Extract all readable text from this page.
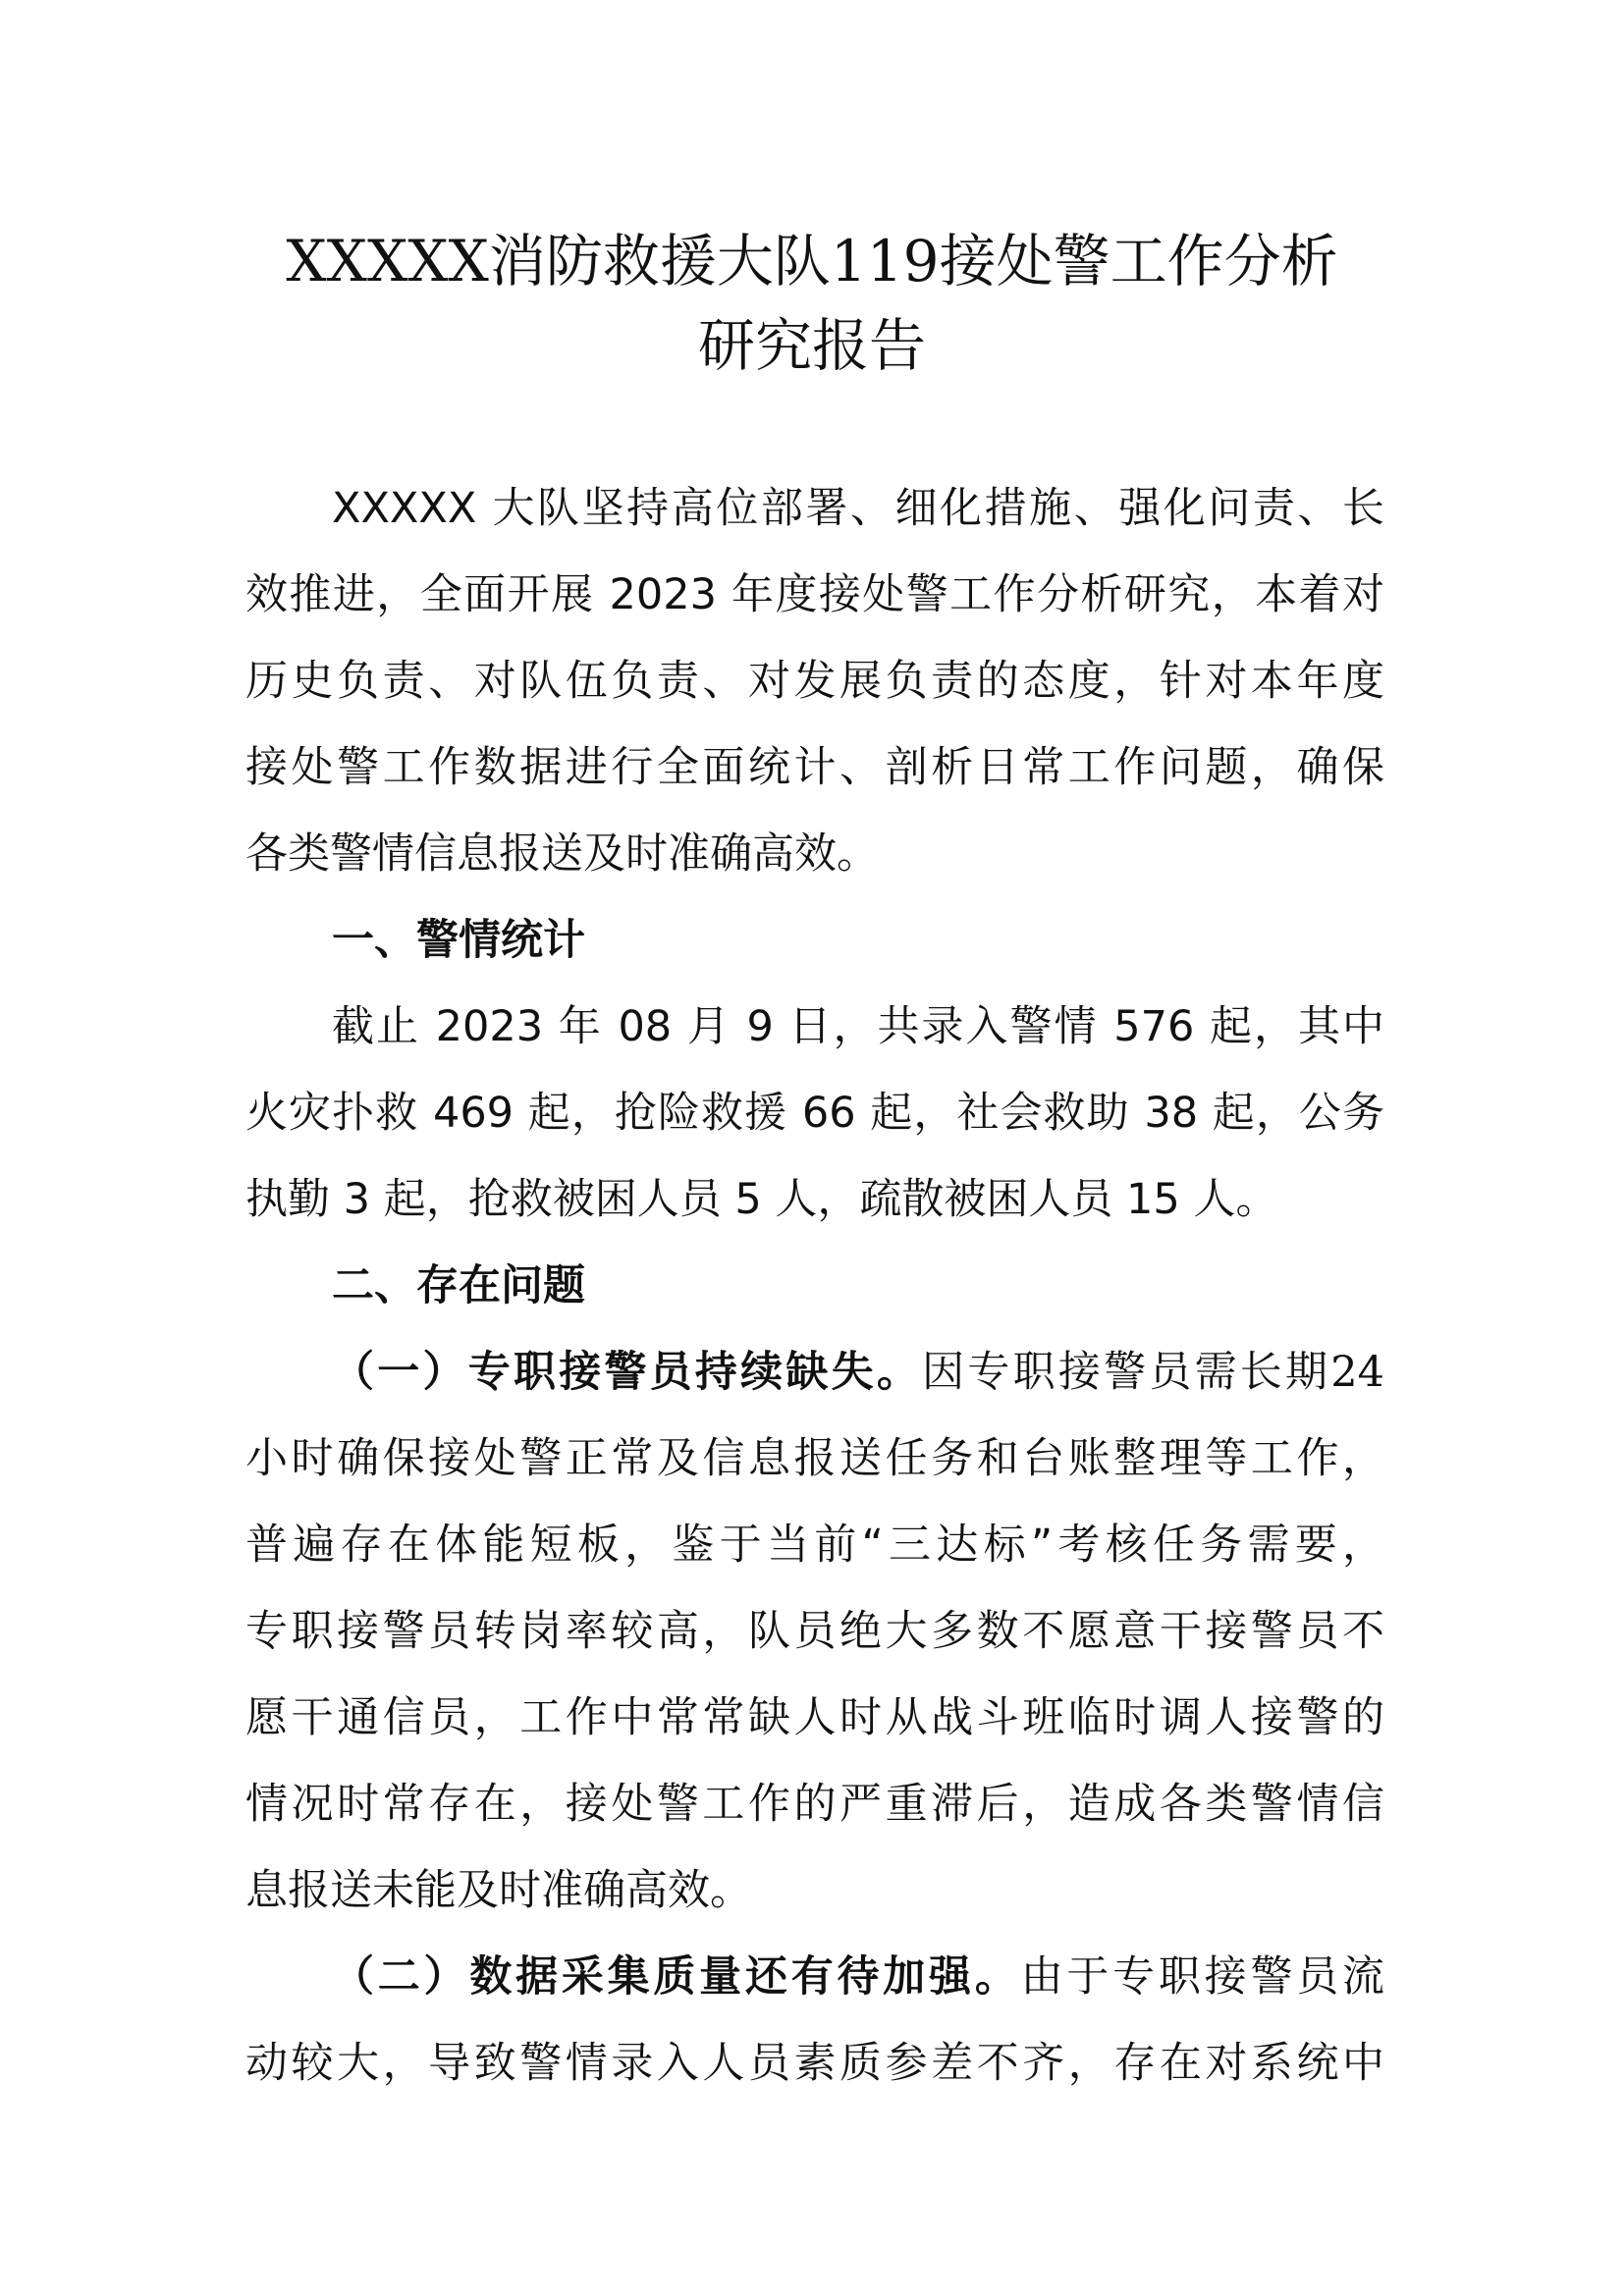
XXXXX消防救援大队119接处警工作分析
研究报告
XXXXX 大队坚持高位部署、细化措施、强化问责、长
效推进，全面开展 2023 年度接处警工作分析研究，本着对
历史负责、对队伍负责、对发展负责的态度，针对本年度
接处警工作数据进行全面统计、剖析日常工作问题，确保
各类警情信息报送及时准确高效。
一、警情统计
截止 2023 年 08 月 9 日，共录入警情 576 起，其中
火灾扑救 469 起，抢险救援 66 起，社会救助 38 起，公务
执勤 3 起，抢救被困人员 5 人，疏散被困人员 15 人。
二、存在问题
（一）专职接警员持续缺失。因专职接警员需长期24
小时确保接处警正常及信息报送任务和台账整理等工作，
普遍存在体能短板，鉴于当前“三达标”考核任务需要，
专职接警员转岗率较高，队员绝大多数不愿意干接警员不
愿干通信员，工作中常常缺人时从战斗班临时调人接警的
情况时常存在，接处警工作的严重滞后，造成各类警情信
息报送未能及时准确高效。
（二）数据采集质量还有待加强。由于专职接警员流
动较大，导致警情录入人员素质参差不齐，存在对系统中
